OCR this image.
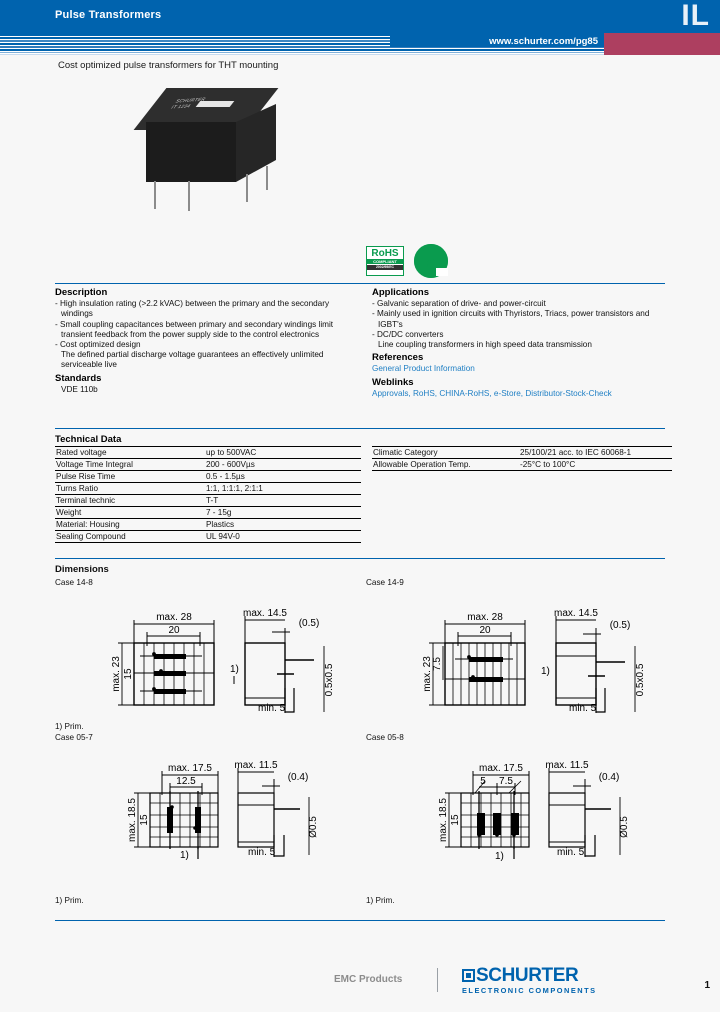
Pulse Transformers	IL
www.schurter.com/pg85
Cost optimized pulse transformers for THT mounting
SCHURTER
IT 1234
RoHS
COMPLIANT
2002/95/EC	e
Description

- High insulation rating (>2.2 kVAC) between the primary and the secondary windings

- Small coupling capacitances between primary and secondary windings limit transient feedback from the power supply side to the control electronics

- Cost optimized design

The defined partial discharge voltage guarantees an effectively unlimited serviceable live

Standards
VDE 110b
Applications

- Galvanic separation of drive- and power-circuit

- Mainly used in ignition circuits with Thyristors, Triacs, power transistors and IGBT's

- DC/DC converters

Line coupling transformers in high speed data transmission

References
General Product Information
Weblinks
Approvals, RoHS, CHINA-RoHS, e-Store, Distributor-Stock-Check
Technical Data
Rated voltage	up to 500VAC
Voltage Time Integral	200 - 600Vµs
Pulse Rise Time	0.5 - 1.5µs
Turns Ratio	1:1, 1:1:1, 2:1:1
Terminal technic	T-T
Weight	7 - 15g
Material: Housing	Plastics
Sealing Compound	UL 94V-0
Climatic Category	25/100/21 acc. to IEC 60068-1
Allowable Operation Temp.	-25°C to 100°C
Dimensions
Case 14-8
max. 28
20
max. 23 15
min. 5
(0.5)
max. 14.5
0.5x0.5
1)
1) Prim.
Case 14-9
max. 28
20
max. 23 7.5
min. 5
(0.5)
max. 14.5
0.5x0.5
1)
Case 05-7
max. 17.5
12.5
max. 18.5 15
1)	min. 5
(0.4)
max. 11.5
Ø0.5
1) Prim.
Case 05-8
max. 17.5
5 7.5
max. 18.5 15
1)	min. 5
(0.4)
max. 11.5
Ø0.5
1) Prim.
EMC Products	SCHURTER
ELECTRONIC COMPONENTS	1
